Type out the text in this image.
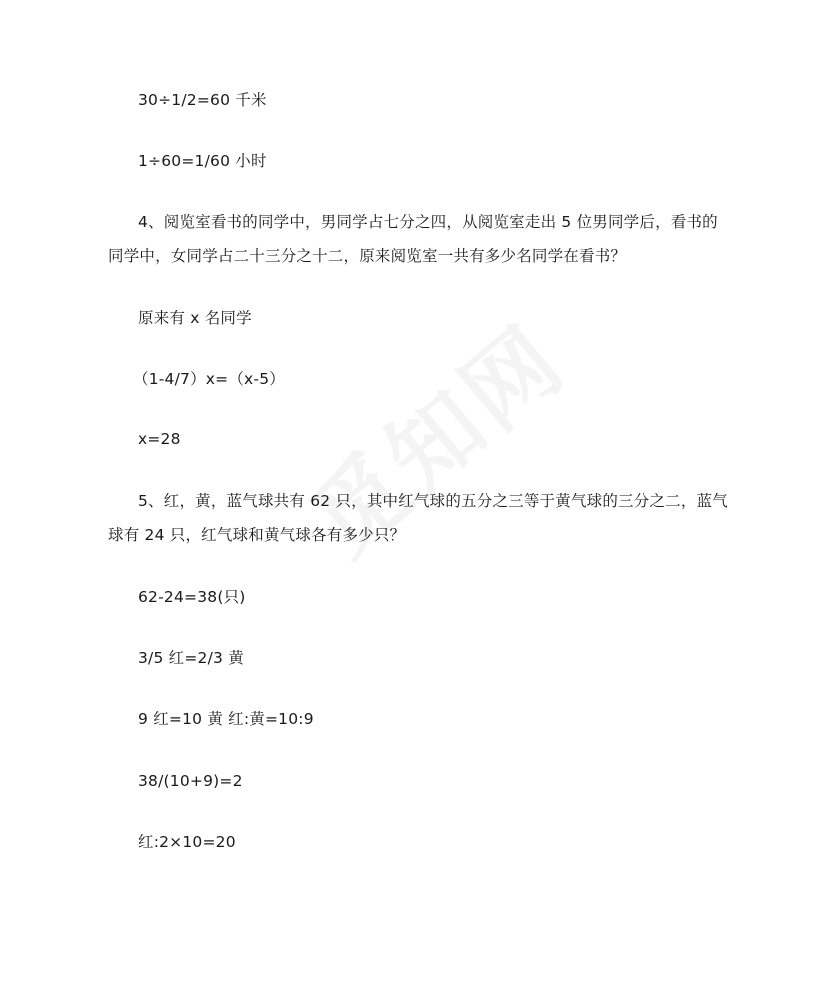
30÷1/2=60 千米
1÷60=1/60 小时
4、阅览室看书的同学中，男同学占七分之四，从阅览室走出 5 位男同学后，看书的
同学中，女同学占二十三分之十二，原来阅览室一共有多少名同学在看书？
原来有 x 名同学
（1-4/7）x=（x-5）
x=28
5、红，黄，蓝气球共有 62 只，其中红气球的五分之三等于黄气球的三分之二，蓝气
球有 24 只，红气球和黄气球各有多少只？
62-24=38(只)
3/5 红=2/3 黄
9 红=10 黄 红:黄=10:9
38/(10+9)=2
红:2×10=20
